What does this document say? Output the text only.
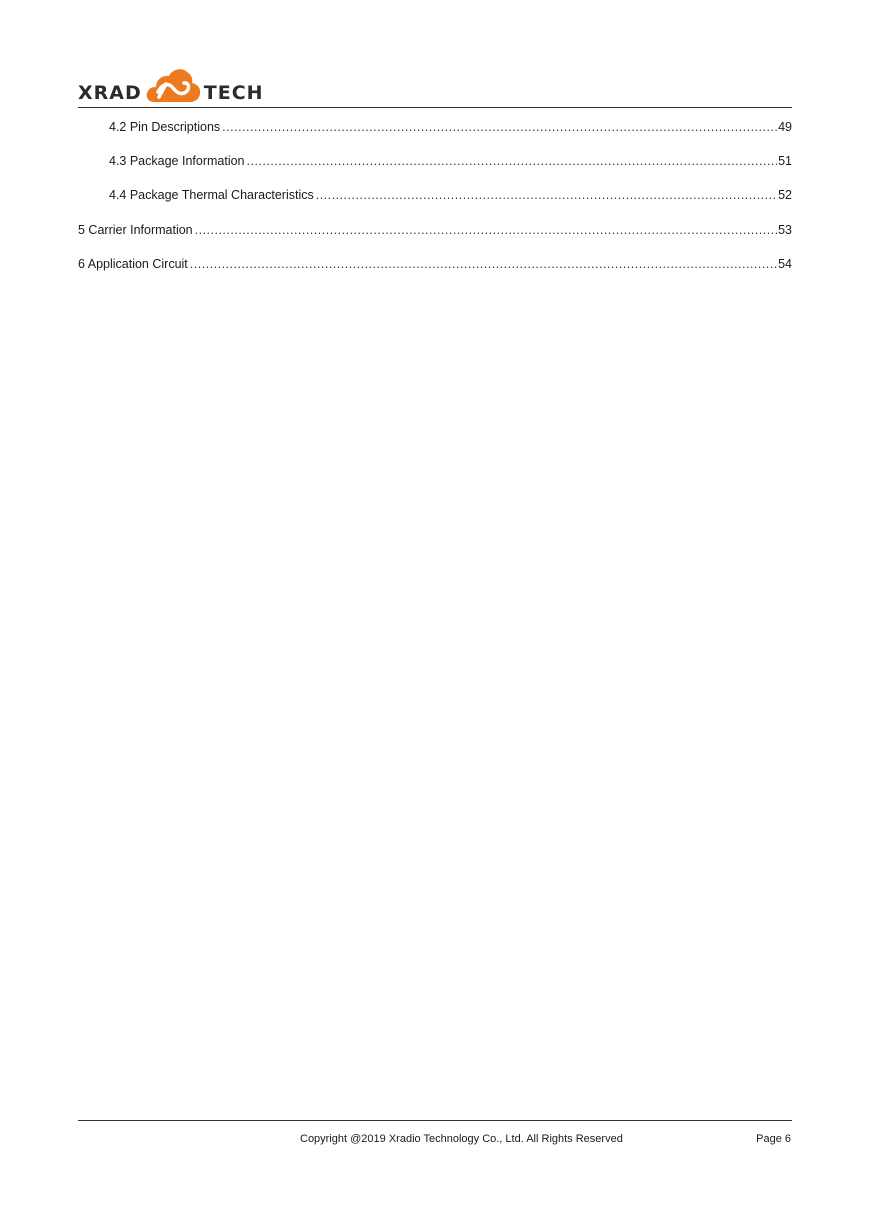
XRAD	TECH
4.2 Pin Descriptions .....	49
4.3 Package Information .....	51
4.4 Package Thermal Characteristics .....	52
5 Carrier Information .....	53
6 Application Circuit .....	54
Copyright @2019 Xradio Technology Co., Ltd. All Rights Reserved	Page 6
